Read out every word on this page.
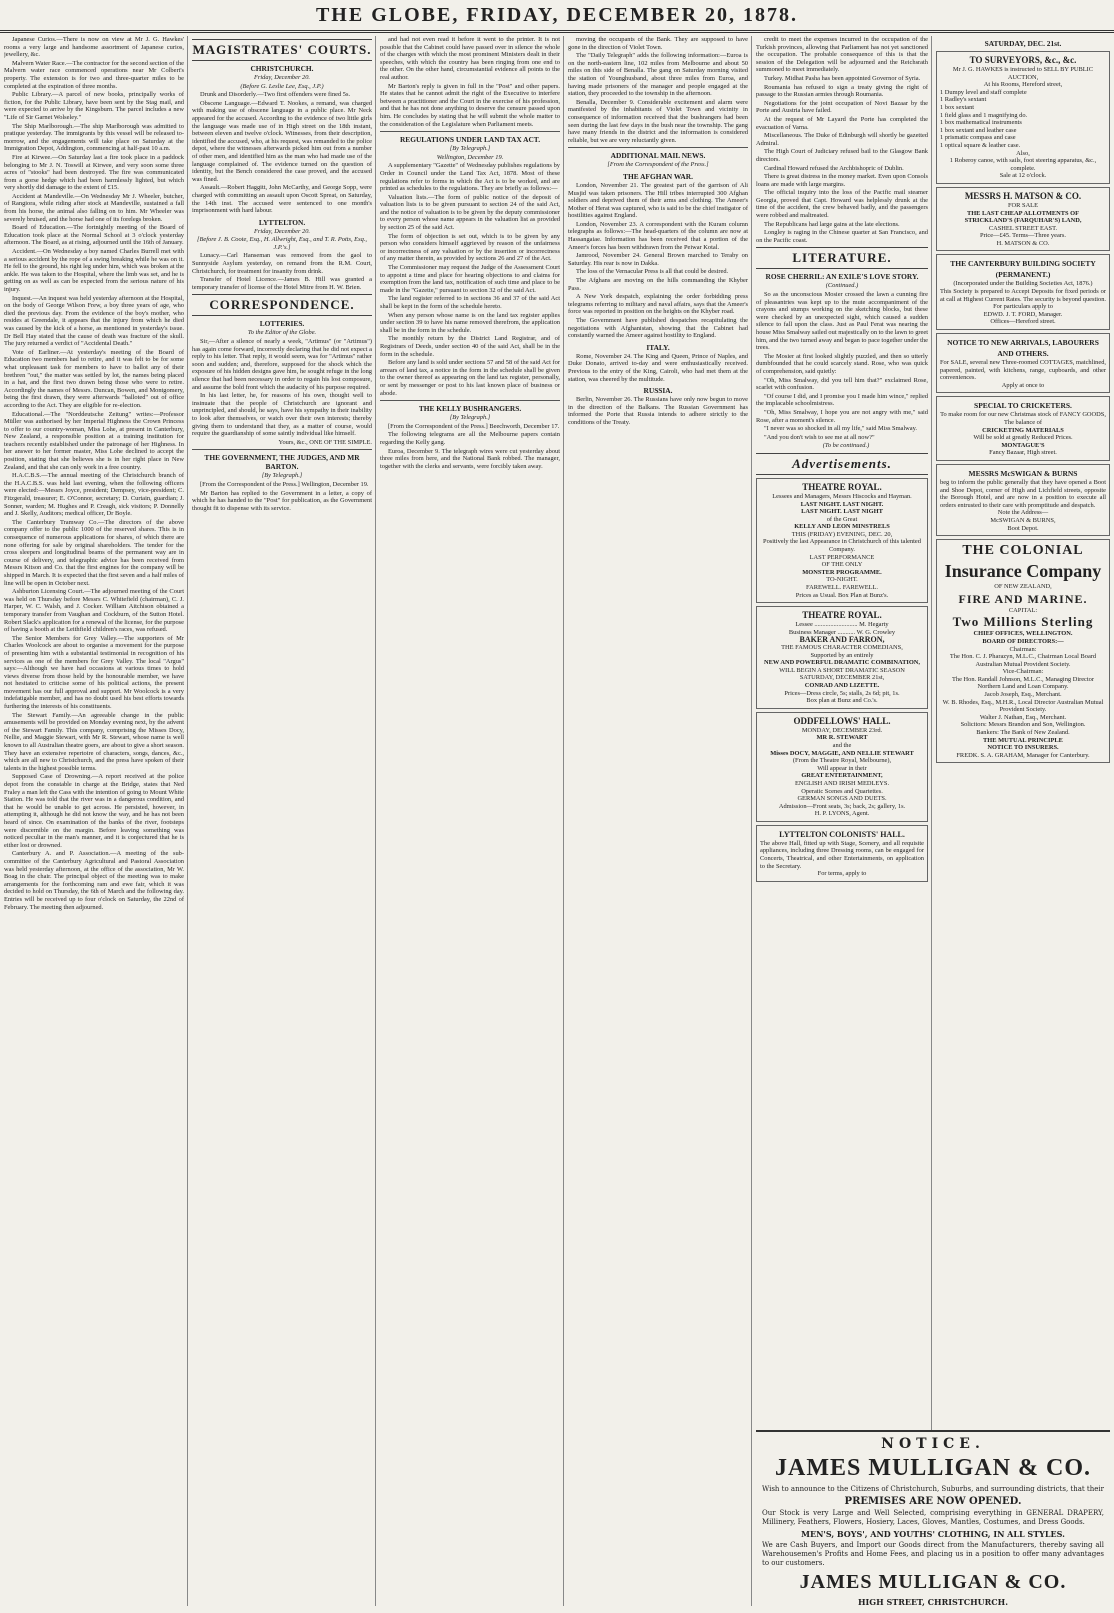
THE GLOBE, FRIDAY, DECEMBER 20, 1878.

Japanese Curios.—There is now on view at Mr J. G. Hawkes' rooms a very large and handsome assortment of Japanese curios, jewellery, &c.

Malvern Water Race.—The contractor for the second section of the Malvern water race commenced operations near Mr Colbert's property. The extension is for two and three-quarter miles to be completed at the expiration of three months.

Public Library.—A parcel of new books, principally works of fiction, for the Public Library, have been sent by the Stag mail, and were expected to arrive by the Kingsburn. The parcel includes a new "Life of Sir Garnet Wolseley."

The Ship Marlborough.—The ship Marlborough was admitted to pratique yesterday. The immigrants by this vessel will be released to-morrow, and the engagements will take place on Saturday at the Immigration Depot, Addington, commencing at half-past 10 a.m.

Fire at Kirwee.—On Saturday last a fire took place in a paddock belonging to Mr J. N. Toswill at Kirwee, and very soon some three acres of "stooks" had been destroyed. The fire was communicated from a gorse hedge which had been harmlessly lighted, but which very shortly did damage to the extent of £15.

Accident at Mandeville.—On Wednesday Mr J. Wheeler, butcher, of Rangiora, while riding after stock at Mandeville, sustained a fall from his horse, the animal also falling on to him. Mr Wheeler was severely bruised, and the horse had one of its forelegs broken.

Board of Education.—The fortnightly meeting of the Board of Education took place at the Normal School at 3 o'clock yesterday afternoon. The Board, as at rising, adjourned until the 16th of January.

Accident.—On Wednesday a boy named Charles Burrell met with a serious accident by the rope of a swing breaking while he was on it. He fell to the ground, his right leg under him, which was broken at the ankle. He was taken to the Hospital, where the limb was set, and he is getting on as well as can be expected from the serious nature of his injury.

Inquest.—An inquest was held yesterday afternoon at the Hospital, on the body of George Wilson Frew, a boy three years of age, who died the previous day. From the evidence of the boy's mother, who resides at Greendale, it appears that the injury from which he died was caused by the kick of a horse, as mentioned in yesterday's issue. Dr Bell Hay stated that the cause of death was fracture of the skull. The jury returned a verdict of "Accidental Death."

Vote of Earliner.—At yesterday's meeting of the Board of Education two members had to retire, and it was felt to be for some what unpleasant task for members to have to ballot any of their brethren "out," the matter was settled by lot, the names being placed in a hat, and the first two drawn being those who were to retire. Accordingly the names of Messrs. Duncan, Bowen, and Montgomery, being the first drawn, they were afterwards "balloted" out of office according to the Act. They are eligible for re-election.

Educational.—The "Norddeutsche Zeitung" writes:—Professor Müller was authorised by her Imperial Highness the Crown Princess to offer to our country-woman, Miss Lohe, at present in Canterbury, New Zealand, a responsible position at a training institution for teachers recently established under the patronage of her Highness. In her answer to her former master, Miss Lohe declined to accept the position, stating that she believes she is in her right place in New Zealand, and that she can only work in a free country.

H.A.C.B.S.—The annual meeting of the Christchurch branch of the H.A.C.B.S. was held last evening, when the following officers were elected:—Messrs Joyce, president; Dempsey, vice-president; C. Fitzgerald, treasurer; E. O'Connor, secretary; D. Curtain, guardian; J. Sonner, warden; M. Hughes and P. Creagh, sick visitors; P. Donnelly and J. Skelly, Auditors; medical officer, Dr Boyle.

The Canterbury Tramway Co.—The directors of the above company offer to the public 1000 of the reserved shares. This is in consequence of numerous applications for shares, of which there are none offering for sale by original shareholders. The tender for the cross sleepers and longitudinal beams of the permanent way are in course of delivery, and telegraphic advice has been received from Messrs Kitson and Co. that the first engines for the company will be shipped in March. It is expected that the first seven and a half miles of line will be open in October next.

Ashburton Licensing Court.—The adjourned meeting of the Court was held on Thursday before Messrs C. Whitefield (chairman), C. J. Harper, W. C. Walsh, and J. Cocker. William Aitchison obtained a temporary transfer from Vaughan and Cockburn, of the Sutton Hotel. Robert Slack's application for a renewal of the license, for the purpose of having a booth at the Leithfield children's races, was refused.

The Senior Members for Grey Valley.—The supporters of Mr Charles Woolcock are about to organise a movement for the purpose of presenting him with a substantial testimonial in recognition of his services as one of the members for Grey Valley. The local "Argus" says:—Although we have had occasions at various times to hold views diverse from those held by the honourable member, we have not hesitated to criticise some of his political actions, the present movement has our full approval and support. Mr Woolcock is a very indefatigable member, and has no doubt used his best efforts towards furthering the interests of his constituents.

The Stewart Family.—An agreeable change in the public amusements will be provided on Monday evening next, by the advent of the Stewart Family. This company, comprising the Misses Docy, Nellie, and Maggie Stewart, with Mr R. Stewart, whose name is well known to all Australian theatre goers, are about to give a short season. They have an extensive repertoire of characters, songs, dances, &c., which are all new to Christchurch, and the press have spoken of their talents in the highest possible terms.

Supposed Case of Drowning.—A report received at the police depot from the constable in charge at the Bridge, states that Ned Fraley a man left the Cass with the intention of going to Mount White Station. He was told that the river was in a dangerous condition, and that he would be unable to get across. He persisted, however, in attempting it, although he did not know the way, and he has not been heard of since. On examination of the banks of the river, footsteps were discernible on the margin. Before leaving something was noticed peculiar in the man's manner, and it is conjectured that he is either lost or drowned.

Canterbury A. and P. Association.—A meeting of the sub-committee of the Canterbury Agricultural and Pastoral Association was held yesterday afternoon, at the office of the association, Mr W. Boag in the chair. The principal object of the meeting was to make arrangements for the forthcoming ram and ewe fair, which it was decided to hold on Thursday, the 6th of March and the following day. Entries will be received up to four o'clock on Saturday, the 22nd of February. The meeting then adjourned.

MAGISTRATES' COURTS.
CHRISTCHURCH.
Friday, December 20.
(Before G. Leslie Lee, Esq., J.P.)

Drunk and Disorderly.—Two first offenders were fined 5s.

Obscene Language.—Edward T. Nookes, a remand, was charged with making use of obscene language in a public place. Mr Neck appeared for the accused. According to the evidence of two little girls the language was made use of in High street on the 18th instant, between eleven and twelve o'clock. Witnesses, from their description, identified the accused, who, at his request, was remanded to the police depot, where the witnesses afterwards picked him out from a number of other men, and identified him as the man who had made use of the language complained of. The evidence turned on the question of identity, but the Bench considered the case proved, and the accused was fined.

Assault.—Robert Haggitt, John McCarthy, and George Sopp, were charged with committing an assault upon Oscott Spreat, on Saturday, the 14th inst. The accused were sentenced to one month's imprisonment with hard labour.

LYTTELTON.
Friday, December 20.
[Before J. B. Coote, Esq., H. Allwright, Esq., and T. R. Potts, Esq., J.P.'s.]

Lunacy.—Carl Hanseman was removed from the gaol to Sunnyside Asylum yesterday, on remand from the R.M. Court, Christchurch, for treatment for insanity from drink.

Transfer of Hotel Licence.—James B. Hill was granted a temporary transfer of license of the Hotel Mitre from H. W. Brien.

CORRESPONDENCE.
LOTTERIES.
To the Editor of the Globe.

Sir,—After a silence of nearly a week, "Artimus" (or "Artimus") has again come forward, incorrectly declaring that he did not expect a reply to his letter. That reply, it would seem, was for "Artimus" rather soon and sudden; and, therefore, supposed for the shock which the exposure of his hidden designs gave him, he sought refuge in the long silence that had been necessary in order to regain his lost composure, and assume the bold front which the audacity of his purpose required.

In his last letter, he, for reasons of his own, thought well to insinuate that the people of Christchurch are ignorant and unprincipled, and should, he says, have his sympathy in their inability to look after themselves, or watch over their own interests; thereby giving them to understand that they, as a matter of course, would require the guardianship of some saintly individual like himself.

Yours, &c., ONE OF THE SIMPLE.

THE GOVERNMENT, THE JUDGES, AND MR BARTON.
[By Telegraph.]

[From the Correspondent of the Press.] Wellington, December 19.

Mr Barton has replied to the Government in a letter, a copy of which he has handed to the "Post" for publication, as the Government thought fit to dispense with its service.

and had not even read it before it went to the printer. It is not possible that the Cabinet could have passed over in silence the whole of the charges with which the most prominent Ministers dealt in their speeches, with which the country has been ringing from one end to the other. On the other hand, circumstantial evidence all points to the real author.

Mr Barton's reply is given in full in the "Post" and other papers. He states that he cannot admit the right of the Executive to interfere between a practitioner and the Court in the exercise of his profession, and that he has not done anything to deserve the censure passed upon him. He concludes by stating that he will submit the whole matter to the consideration of the Legislature when Parliament meets.

REGULATIONS UNDER LAND TAX ACT.
[By Telegraph.]
Wellington, December 19.

A supplementary "Gazette" of Wednesday publishes regulations by Order in Council under the Land Tax Act, 1878. Most of these regulations refer to forms in which the Act is to be worked, and are printed as schedules to the regulations. They are briefly as follows:—

Valuation lists.—The form of public notice of the deposit of valuation lists is to be given pursuant to section 24 of the said Act, and the notice of valuation is to be given by the deputy commissioner to every person whose name appears in the valuation list as provided by section 25 of the said Act.

The form of objection is set out, which is to be given by any person who considers himself aggrieved by reason of the unfairness or incorrectness of any valuation or by the insertion or incorrectness of any matter therein, as provided by sections 26 and 27 of the Act.

The Commissioner may request the Judge of the Assessment Court to appoint a time and place for hearing objections to and claims for exemption from the land tax, notification of such time and place to be made in the "Gazette," pursuant to section 32 of the said Act.

The land register referred to in sections 36 and 37 of the said Act shall be kept in the form of the schedule hereto.

When any person whose name is on the land tax register applies under section 39 to have his name removed therefrom, the application shall be in the form in the schedule.

The monthly return by the District Land Registrar, and of Registrars of Deeds, under section 40 of the said Act, shall be in the form in the schedule.

Before any land is sold under sections 57 and 58 of the said Act for arrears of land tax, a notice in the form in the schedule shall be given to the owner thereof as appearing on the land tax register, personally, or sent by messenger or post to his last known place of business or abode.

THE KELLY BUSHRANGERS.
[By Telegraph.]

[From the Correspondent of the Press.] Beechworth, December 17.

The following telegrams are all the Melbourne papers contain regarding the Kelly gang.

Euroa, December 9. The telegraph wires were cut yesterday about three miles from here, and the National Bank robbed. The manager, together with the clerks and servants, were forcibly taken away.

moving the occupants of the Bank. They are supposed to have gone in the direction of Violet Town.

The "Daily Telegraph" adds the following information:—Euroa is on the north-eastern line, 102 miles from Melbourne and about 50 miles on this side of Benalla. The gang on Saturday morning visited the station of Younghusband, about three miles from Euroa, and having made prisoners of the manager and people engaged at the station, they proceeded to the township in the afternoon.

Benalla, December 9. Considerable excitement and alarm were manifested by the inhabitants of Violet Town and vicinity in consequence of information received that the bushrangers had been seen during the last few days in the bush near the township. The gang have many friends in the district and the information is considered reliable, but we are very reluctantly given.

ADDITIONAL MAIL NEWS.
[From the Correspondent of the Press.]
THE AFGHAN WAR.

London, November 21. The greatest part of the garrison of Ali Musjid was taken prisoners. The Hill tribes interrupted 300 Afghan soldiers and deprived them of their arms and clothing. The Ameer's Mother of Herat was captured, who is said to be the chief instigator of hostilities against England.

London, November 23. A correspondent with the Kuram column telegraphs as follows:—The head-quarters of the column are now at Hassangaiae. Information has been received that a portion of the Ameer's forces has been withdrawn from the Peiwar Kotal.

Jamrood, November 24. General Brown marched to Teraby on Saturday. His rear is now in Dakka.

The loss of the Vernacular Press is all that could be desired.

The Afghans are moving on the hills commanding the Khyber Pass.

A New York despatch, explaining the order forbidding press telegrams referring to military and naval affairs, says that the Ameer's force was reported in position on the heights on the Khyber road.

The Government have published despatches recapitulating the negotiations with Afghanistan, showing that the Cabinet had constantly warned the Ameer against hostility to England.

ITALY.

Rome, November 24. The King and Queen, Prince of Naples, and Duke Donato, arrived to-day and were enthusiastically received. Previous to the entry of the King, Cairoli, who had met them at the station, was cheered by the multitude.

RUSSIA.

Berlin, November 26. The Russians have only now begun to move in the direction of the Balkans. The Russian Government has informed the Porte that Russia intends to adhere strictly to the conditions of the Treaty.

credit to meet the expenses incurred in the occupation of the Turkish provinces, allowing that Parliament has not yet sanctioned the occupation. The probable consequence of this is that the session of the Delegation will be adjourned and the Reichsrath summoned to meet immediately.

Turkey. Midhat Pasha has been appointed Governor of Syria.

Roumania has refused to sign a treaty giving the right of passage to the Russian armies through Roumania.

Negotiations for the joint occupation of Novi Bazaar by the Porte and Austria have failed.

At the request of Mr Layard the Porte has completed the evacuation of Varna.

Miscellaneous. The Duke of Edinburgh will shortly be gazetted Admiral.

The High Court of Judiciary refused bail to the Glasgow Bank directors.

Cardinal Howard refused the Archbishopric of Dublin.

There is great distress in the money market. Even upon Consols loans are made with large margins.

The official inquiry into the loss of the Pacific mail steamer Georgia, proved that Capt. Howard was helplessly drunk at the time of the accident, the crew behaved badly, and the passengers were robbed and maltreated.

The Republicans had large gains at the late elections.

Longley is raging in the Chinese quarter at San Francisco, and on the Pacific coast.

LITERATURE.
ROSE CHERRIL: AN EXILE'S LOVE STORY.
(Continued.)

So as the unconscious Mosier crossed the lawn a cunning fire of pleasantries was kept up to the mute accompaniment of the crayons and stumps working on the sketching blocks, but these were checked by an unexpected sight, which caused a sudden silence to fall upon the class. Just as Paul Ferat was nearing the house Miss Smalway sailed out majestically on to the lawn to greet him, and the two turned away and began to pace together under the trees.

The Mosier at first looked slightly puzzled, and then so utterly dumbfounded that he could scarcely stand. Rose, who was quick of comprehension, said quietly:

"Oh, Miss Smalway, did you tell him that?" exclaimed Rose, scarlet with confusion.

"Of course I did, and I promise you I made him wince," replied the implacable schoolmistress.

"Oh, Miss Smalway, I hope you are not angry with me," said Rose, after a moment's silence.

"I never was so shocked in all my life," said Miss Smalway.

"And you don't wish to see me at all now?"

(To be continued.)

Advertisements.
THEATRE ROYAL.
Lessees and Managers, Messrs Hiscocks and Hayman.
LAST NIGHT. LAST NIGHT.
LAST NIGHT. LAST NIGHT
of the Great
KELLY AND LEON MINSTRELS
THIS (FRIDAY) EVENING, DEC. 20,
Positively the last Appearance in Christchurch of this talented Company.
LAST PERFORMANCE
OF THE ONLY
MONSTER PROGRAMME.
TO-NIGHT.
FAREWELL. FAREWELL.
Prices as Usual. Box Plan at Bunz's.
THEATRE ROYAL.
Lessee ........................... M. Hegarty
Business Manager ........... W. G. Crowley
BAKER AND FARRON,
THE FAMOUS CHARACTER COMEDIANS,
Supported by an entirely
NEW AND POWERFUL DRAMATIC COMBINATION,
WILL BEGIN A SHORT DRAMATIC SEASON
SATURDAY, DECEMBER 21st,
CONRAD AND LIZETTE.
Prices—Dress circle, 5s; stalls, 2s 6d; pit, 1s.
Box plan at Bunz and Co.'s.
ODDFELLOWS' HALL.
MONDAY, DECEMBER 23rd.
MR R. STEWART
and the
Misses DOCY, MAGGIE, AND NELLIE STEWART
(From the Theatre Royal, Melbourne),
Will appear in their
GREAT ENTERTAINMENT,
ENGLISH AND IRISH MEDLEYS.
Operatic Scenes and Quartettes.
GERMAN SONGS AND DUETS.
Admission—Front seats, 3s; back, 2s; gallery, 1s.
H. P. LYONS, Agent.
LYTTELTON COLONISTS' HALL.
The above Hall, fitted up with Stage, Scenery, and all requisite appliances, including three Dressing rooms, can be engaged for Concerts, Theatrical, and other Entertainments, on application to the Secretary.
For terms, apply to
SATURDAY, DEC. 21st.
TO SURVEYORS, &c., &c.
Mr J. G. HAWKES is instructed to SELL BY PUBLIC AUCTION,
At his Rooms, Hereford street,
1 Dumpy level and staff complete
1 Radley's sextant
1 box sextant
1 field glass and 1 magnifying do.
1 box mathematical instruments
1 box sextant and leather case
1 prismatic compass and case
1 optical square & leather case.
Also,
1 Roberoy canoe, with sails, foot steering apparatus, &c., complete.
Sale at 12 o'clock.
MESSRS H. MATSON & CO.
FOR SALE
THE LAST CHEAP ALLOTMENTS OF
STRICKLAND'S (FARQUHAR'S) LAND,
CASHEL STREET EAST.
Price—£45. Terms—Three years.
H. MATSON & CO.
THE CANTERBURY BUILDING SOCIETY (PERMANENT.)
(Incorporated under the Building Societies Act, 1876.)
This Society is prepared to Accept Deposits for fixed periods or at call at Highest Current Rates. The security is beyond question.
For particulars apply to
EDWD. J. T. FORD, Manager.
Offices—Hereford street.
NOTICE TO NEW ARRIVALS, LABOURERS AND OTHERS.
For SALE, several new Three-roomed COTTAGES, matchlined, papered, painted, with kitchens, range, cupboards, and other conveniences.
Apply at once to
SPECIAL TO CRICKETERS.
To make room for our new Christmas stock of FANCY GOODS,
The balance of
CRICKETING MATERIALS
Will be sold at greatly Reduced Prices.
MONTAGUE'S
Fancy Bazaar, High street.
MESSRS McSWIGAN & BURNS
beg to inform the public generally that they have opened a Boot and Shoe Depot, corner of High and Lichfield streets, opposite the Borough Hotel, and are now in a position to execute all orders entrusted to their care with promptitude and despatch.
Note the Address—
McSWIGAN & BURNS,
Boot Depot.
THE COLONIAL
Insurance Company
OF NEW ZEALAND,
FIRE AND MARINE.
CAPITAL:
Two Millions Sterling
CHIEF OFFICES, WELLINGTON.
BOARD OF DIRECTORS:—
Chairman:
The Hon. C. J. Pharazyn, M.L.C., Chairman Local Board Australian Mutual Provident Society.
Vice-Chairman:
The Hon. Randall Johnson, M.L.C., Managing Director Northern Land and Loan Company.
Jacob Joseph, Esq., Merchant.
W. B. Rhodes, Esq., M.H.R., Local Director Australian Mutual Provident Society.
Walter J. Nathan, Esq., Merchant.
Solicitors: Messrs Brandon and Son, Wellington.
Bankers: The Bank of New Zealand.
THE MUTUAL PRINCIPLE
NOTICE TO INSURERS.
FREDK. S. A. GRAHAM, Manager for Canterbury.
NOTICE.
JAMES MULLIGAN & CO.
Wish to announce to the Citizens of Christchurch, Suburbs, and surrounding districts, that their
PREMISES ARE NOW OPENED.
Our Stock is very Large and Well Selected, comprising everything in GENERAL DRAPERY, Millinery, Feathers, Flowers, Hosiery, Laces, Gloves, Mantles, Costumes, and Dress Goods.
MEN'S, BOYS', AND YOUTHS' CLOTHING, IN ALL STYLES.
We are Cash Buyers, and Import our Goods direct from the Manufacturers, thereby saving all Warehousemen's Profits and Home Fees, and placing us in a position to offer many advantages to our customers.
JAMES MULLIGAN & CO.
HIGH STREET, CHRISTCHURCH.
